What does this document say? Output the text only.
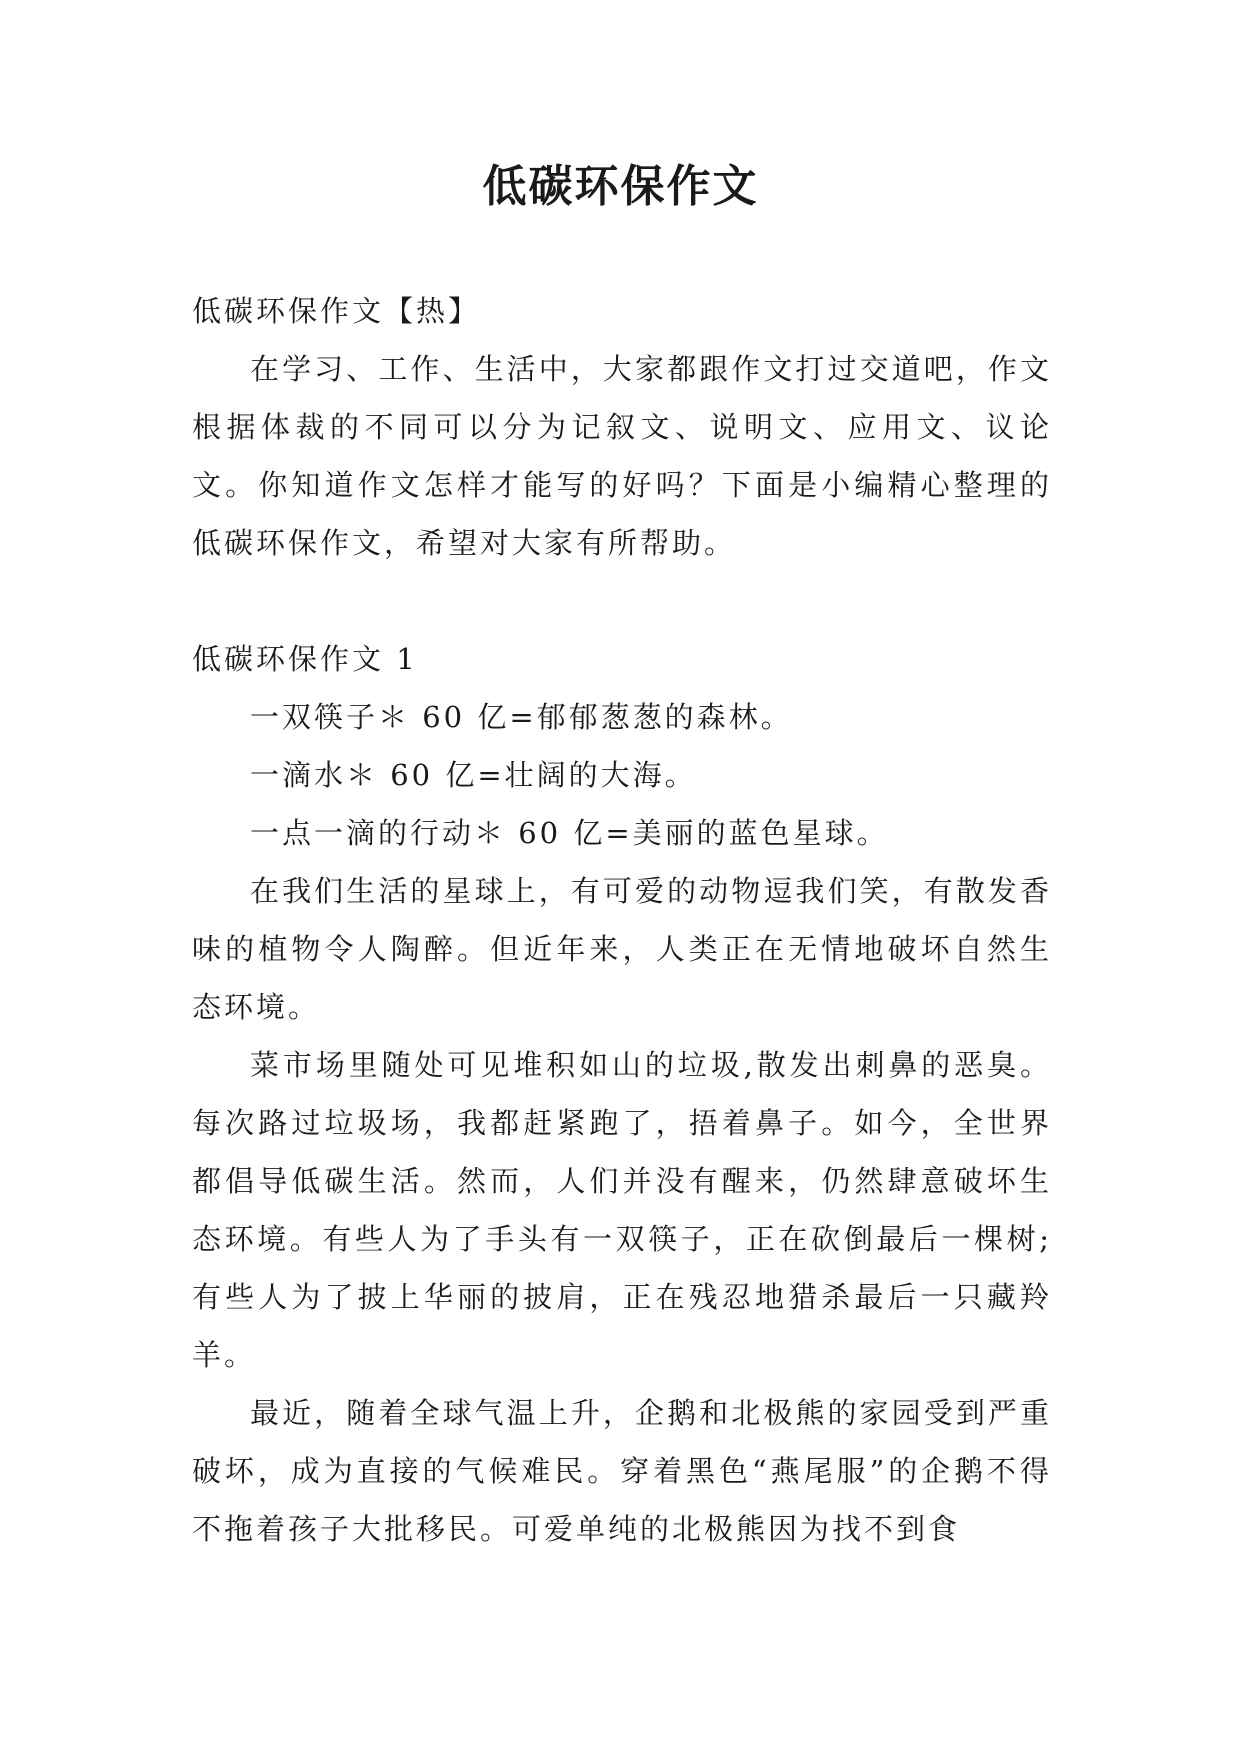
低碳环保作文

低碳环保作文【热】

在学习、工作、生活中，大家都跟作文打过交道吧，作文根据体裁的不同可以分为记叙文、说明文、应用文、议论文。你知道作文怎样才能写的好吗？下面是小编精心整理的低碳环保作文，希望对大家有所帮助。

低碳环保作文 1

一双筷子＊ 60 亿=郁郁葱葱的森林。

一滴水＊ 60 亿=壮阔的大海。

一点一滴的行动＊ 60 亿=美丽的蓝色星球。

在我们生活的星球上，有可爱的动物逗我们笑，有散发香味的植物令人陶醉。但近年来，人类正在无情地破坏自然生态环境。

菜市场里随处可见堆积如山的垃圾,散发出刺鼻的恶臭。每次路过垃圾场，我都赶紧跑了，捂着鼻子。如今，全世界都倡导低碳生活。然而，人们并没有醒来，仍然肆意破坏生态环境。有些人为了手头有一双筷子，正在砍倒最后一棵树;有些人为了披上华丽的披肩，正在残忍地猎杀最后一只藏羚羊。

最近，随着全球气温上升，企鹅和北极熊的家园受到严重破坏，成为直接的气候难民。穿着黑色“燕尾服”的企鹅不得不拖着孩子大批移民。可爱单纯的北极熊因为找不到食
